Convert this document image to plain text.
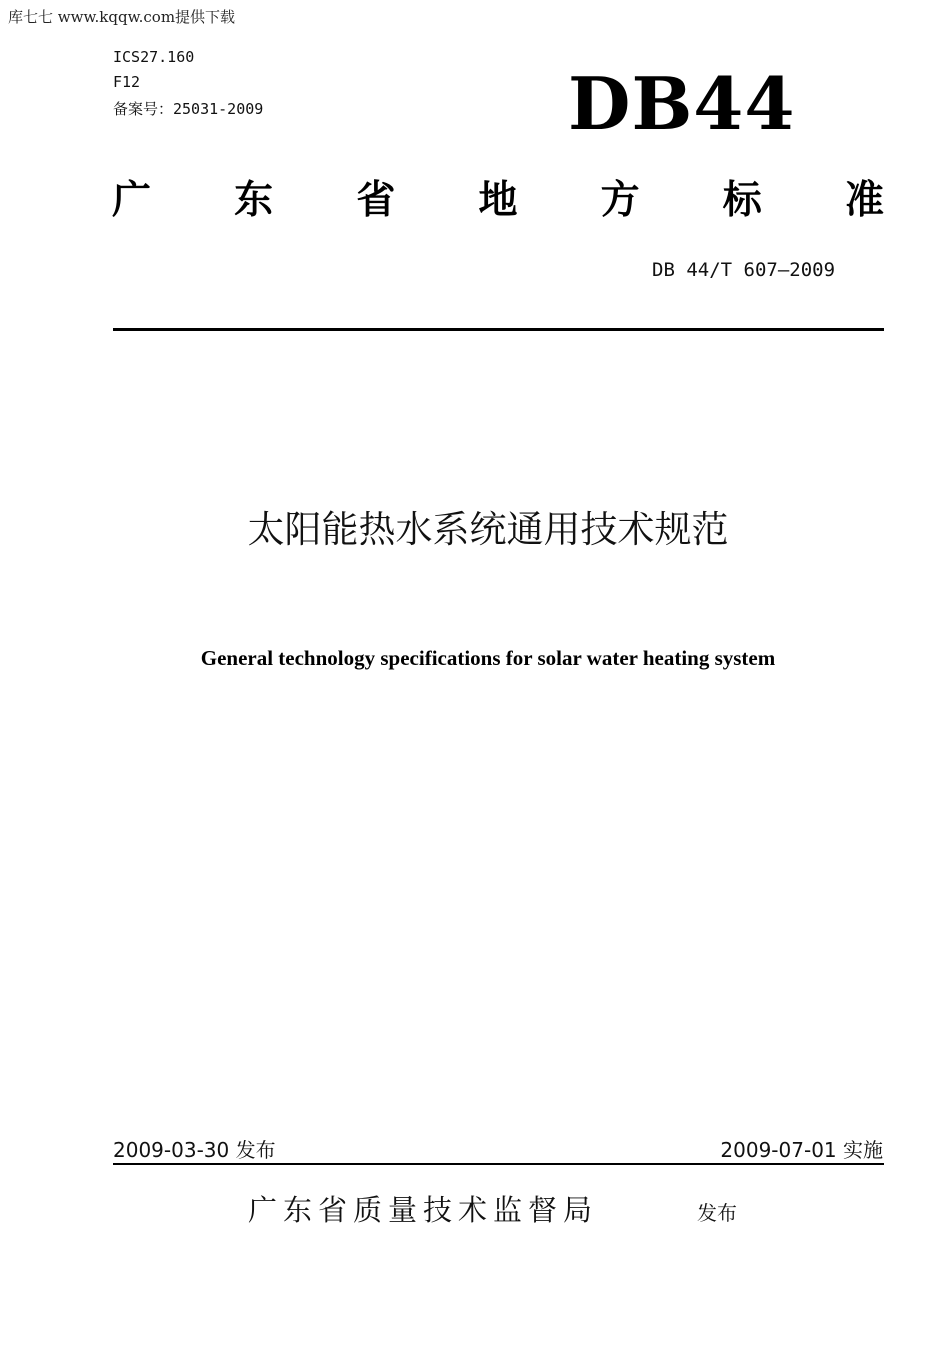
库七七 www.kqqw.com提供下载
ICS27.160
F12
备案号：25031-2009	DB44
广 东 省 地 方 标 准
DB 44/T 607—2009
太阳能热水系统通用技术规范
General technology specifications for solar water heating system
2009-03-30 发布	2009-07-01 实施
广东省质量技术监督局	发布
